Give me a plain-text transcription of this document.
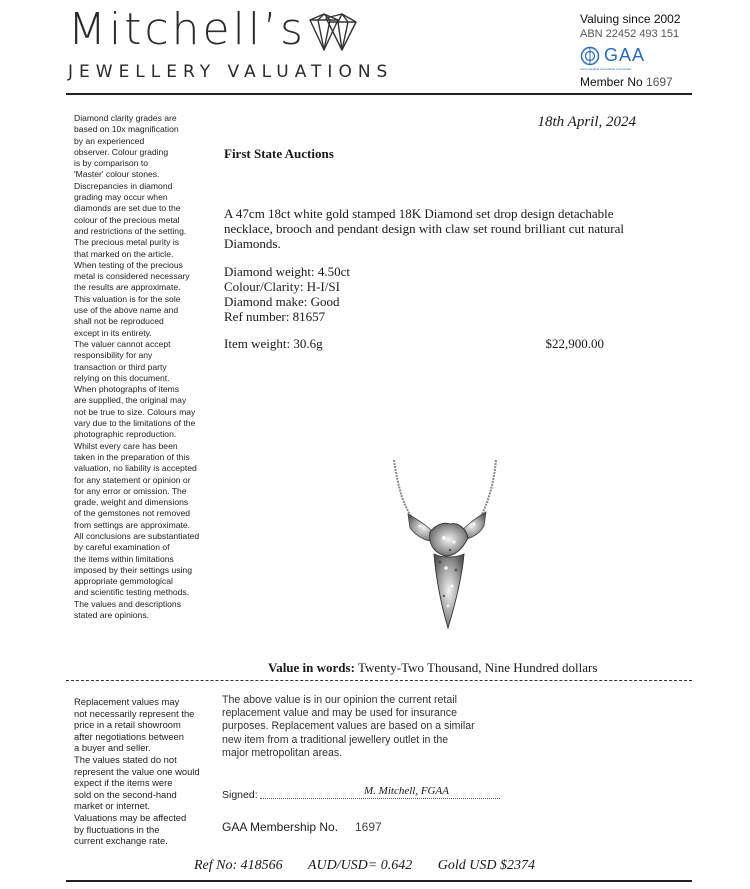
Mitchell’s
JEWELLERY VALUATIONS
Valuing since 2002
ABN 22452 493 151
GAA
Gemmological Association of Australia
Member No 1697
Diamond clarity grades are
based on 10x magnification
by an experienced
observer. Colour grading
is by comparison to
'Master' colour stones.
Discrepancies in diamond
grading may occur when
diamonds are set due to the
colour of the precious metal
and restrictions of the setting.
The precious metal purity is
that marked on the article.
When testing of the precious
metal is considered necessary
the results are approximate.
This valuation is for the sole
use of the above name and
shall not be reproduced
except in its entirety.
The valuer cannot accept
responsibility for any
transaction or third party
relying on this document.
When photographs of items
are supplied, the original may
not be true to size. Colours may
vary due to the limitations of the
photographic reproduction.
Whilst every care has been
taken in the preparation of this
valuation, no liability is accepted
for any statement or opinion or
for any error or omission. The
grade, weight and dimensions
of the gemstones not removed
from settings are approximate.
All conclusions are substantiated
by careful examination of
the items within limitations
imposed by their settings using
appropriate gemmological
and scientific testing methods.
The values and descriptions
stated are opinions.
18th April, 2024
First State Auctions
A 47cm 18ct white gold stamped 18K Diamond set drop design detachable necklace, brooch and pendant design with claw set round brilliant cut natural Diamonds.
Diamond weight: 4.50ct
Colour/Clarity: H-I/SI
Diamond make: Good
Ref number: 81657
Item weight: 30.6g	$22,900.00
Value in words: Twenty-Two Thousand, Nine Hundred dollars
Replacement values may
not necessarily represent the
price in a retail showroom
after negotiations between
a buyer and seller.
The values stated do not
represent the value one would
expect if the items were
sold on the second-hand
market or internet.
Valuations may be affected
by fluctuations in the
current exchange rate.
The above value is in our opinion the current retail
replacement value and may be used for insurance
purposes. Replacement values are based on a similar
new item from a traditional jewellery outlet in the
major metropolitan areas.
Signed:	M. Mitchell, FGAA
GAA Membership No. 1697
Ref No: 418566 AUD/USD= 0.642 Gold USD $2374
